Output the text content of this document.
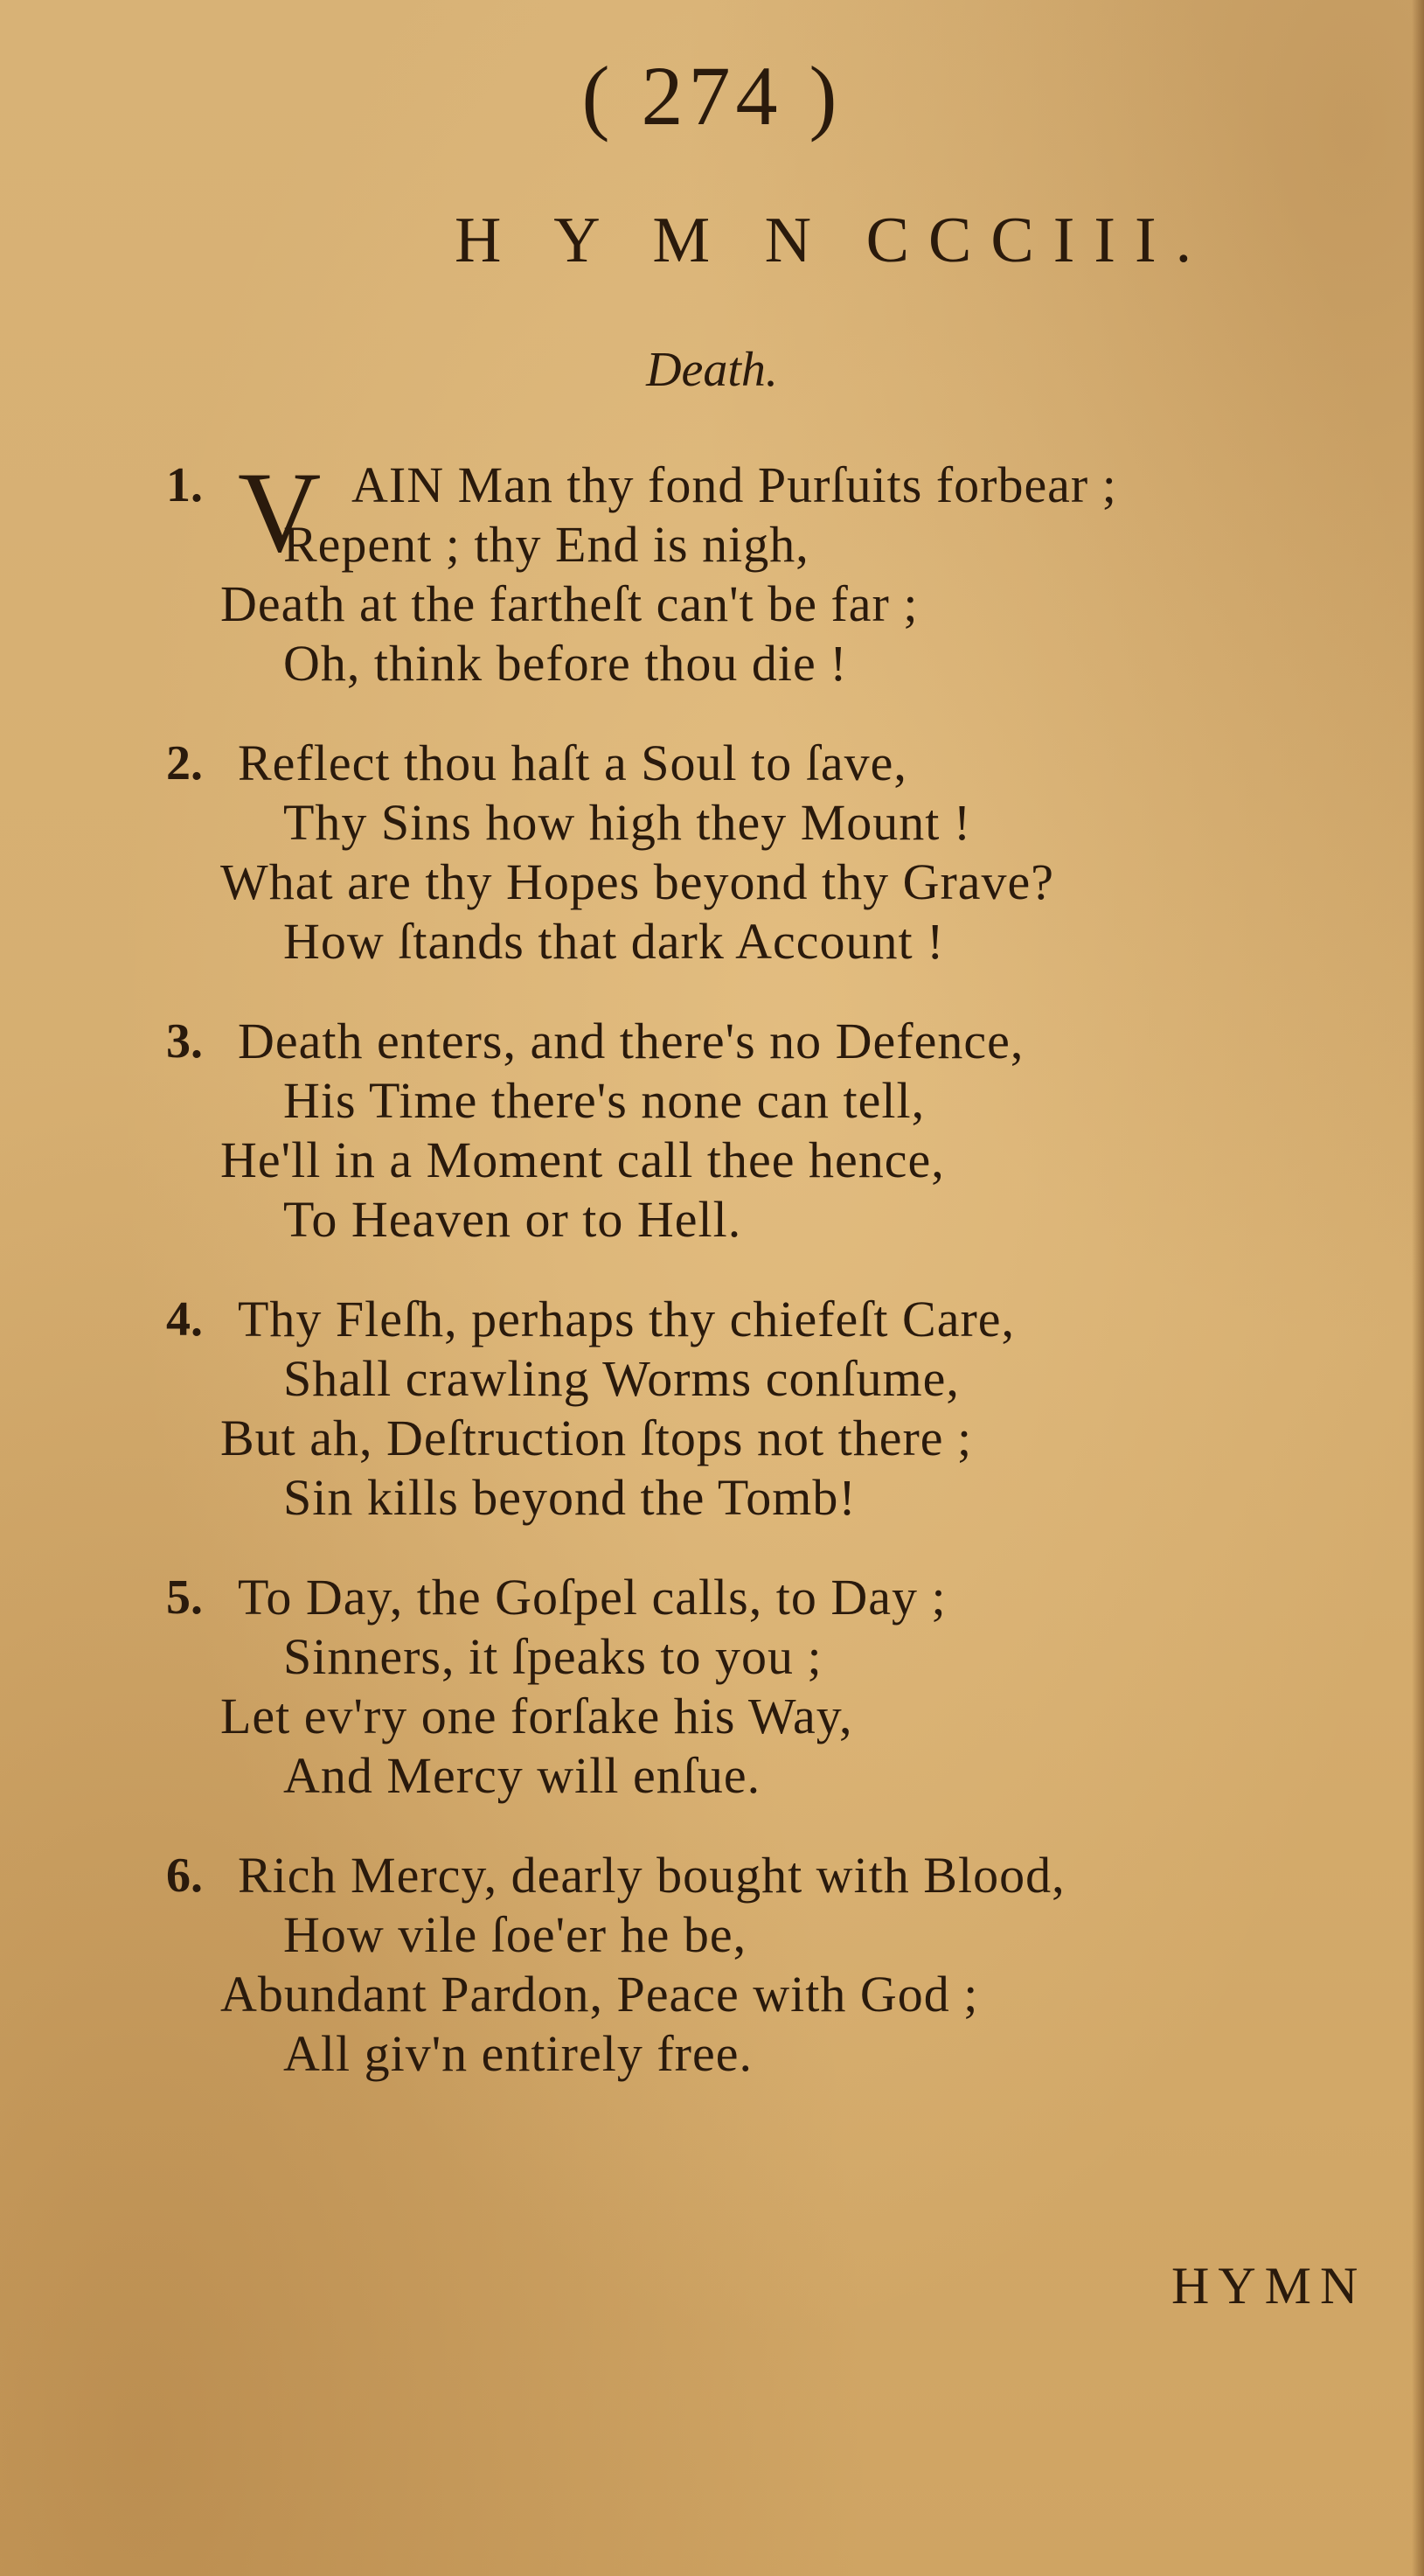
( 274 )
H Y M N CCCIII.
Death.
1. V AIN Man thy fond Purſuits forbear ;
Repent ; thy End is nigh,
Death at the fartheſt can't be far ;
Oh, think before thou die !
2. Reflect thou haſt a Soul to ſave,
Thy Sins how high they Mount !
What are thy Hopes beyond thy Grave?
How ſtands that dark Account !
3. Death enters, and there's no Defence,
His Time there's none can tell,
He'll in a Moment call thee hence,
To Heaven or to Hell.
4. Thy Fleſh, perhaps thy chiefeſt Care,
Shall crawling Worms conſume,
But ah, Deſtruction ſtops not there ;
Sin kills beyond the Tomb!
5. To Day, the Goſpel calls, to Day ;
Sinners, it ſpeaks to you ;
Let ev'ry one forſake his Way,
And Mercy will enſue.
6. Rich Mercy, dearly bought with Blood,
How vile ſoe'er he be,
Abundant Pardon, Peace with God ;
All giv'n entirely free.
HYMN
